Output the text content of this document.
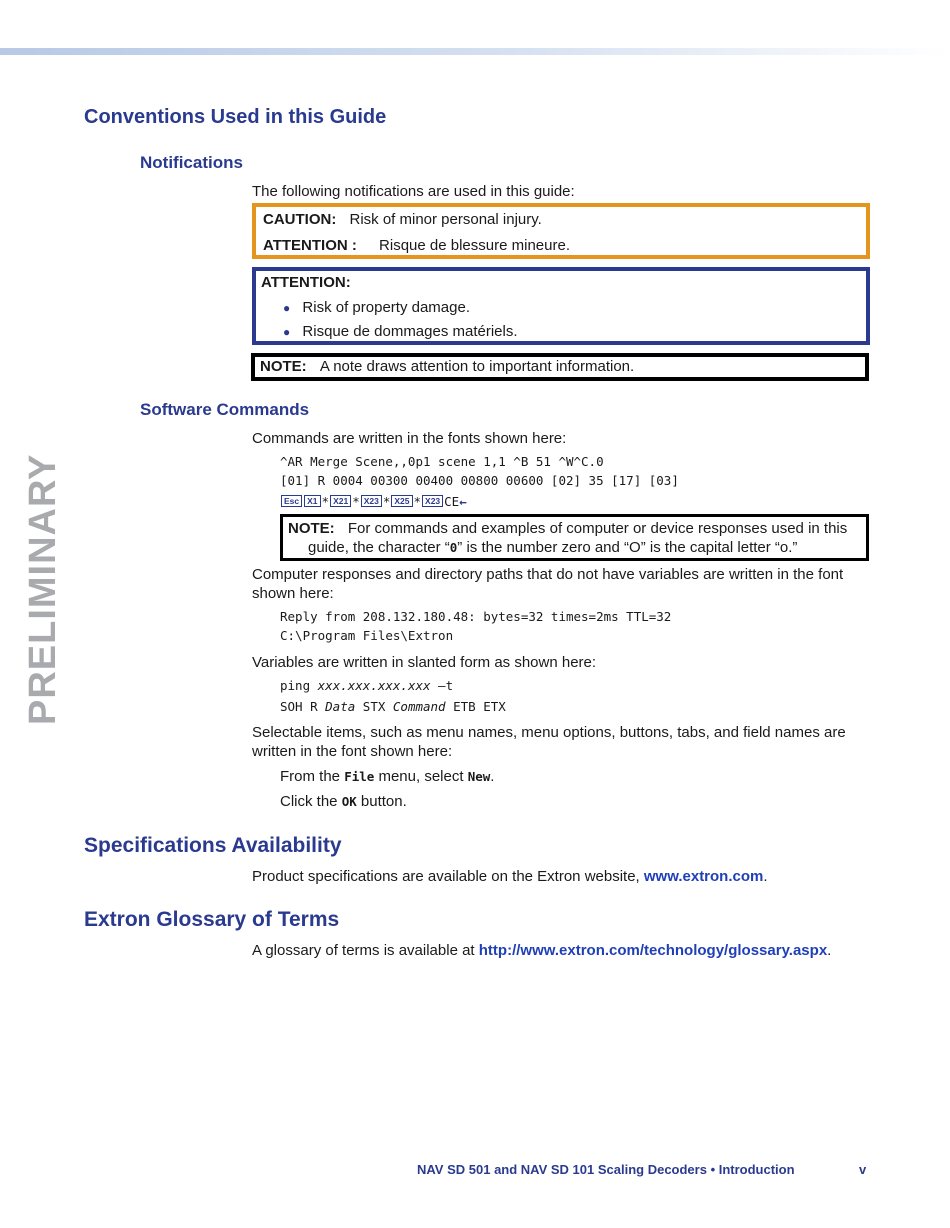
PRELIMINARY
Conventions Used in this Guide
Notifications
The following notifications are used in this guide:
CAUTION: Risk of minor personal injury.
ATTENTION : Risque de blessure mineure.
ATTENTION:
● Risk of property damage.
● Risque de dommages matériels.
NOTE: A note draws attention to important information.
Software Commands
Commands are written in the fonts shown here:
^AR Merge Scene,,0p1 scene 1,1 ^B 51 ^W^C.0
[01] R 0004 00300 00400 00800 00600 [02] 35 [17] [03]
Esc X1 * X21 * X23 * X25 * X23 CE←
NOTE: For commands and examples of computer or device responses used in this
guide, the character “0” is the number zero and “O” is the capital letter “o.”
Computer responses and directory paths that do not have variables are written in the font shown here:
Reply from 208.132.180.48: bytes=32 times=2ms TTL=32
C:\Program Files\Extron
Variables are written in slanted form as shown here:
ping xxx.xxx.xxx.xxx –t
SOH R Data STX Command ETB ETX
Selectable items, such as menu names, menu options, buttons, tabs, and field names are written in the font shown here:
From the File menu, select New.
Click the OK button.
Specifications Availability
Product specifications are available on the Extron website, www.extron.com.
Extron Glossary of Terms
A glossary of terms is available at http://www.extron.com/technology/glossary.aspx.
NAV SD 501 and NAV SD 101 Scaling Decoders • Introduction	v
